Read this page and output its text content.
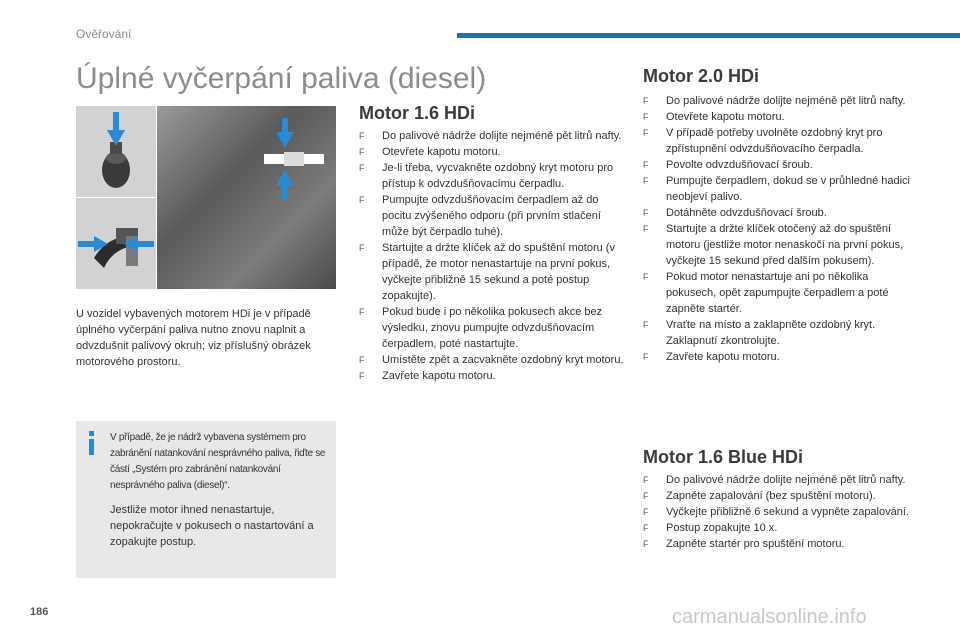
Ověřování
Úplné vyčerpání paliva (diesel)

U vozidel vybavených motorem HDi je v případě úplného vyčerpání paliva nutno znovu naplnit a odvzdušnit palivový okruh; viz příslušný obrázek motorového prostoru.

V případě, že je nádrž vybavena systémem pro zabránění natankování nesprávného paliva, řiďte se částí „Systém pro zabránění natankování nesprávného paliva (diesel)“.

Jestliže motor ihned nenastartuje, nepokračujte v pokusech o nastartování a zopakujte postup.

Motor 1.6 HDi
F	Do palivové nádrže dolijte nejméně pět litrů nafty.
F	Otevřete kapotu motoru.
F	Je-li třeba, vycvakněte ozdobný kryt motoru pro přístup k odvzdušňovacímu čerpadlu.
F	Pumpujte odvzdušňovacím čerpadlem až do pocitu zvýšeného odporu (při prvním stlačení může být čerpadlo tuhé).
F	Startujte a držte klíček až do spuštění motoru (v případě, že motor nenastartuje na první pokus, vyčkejte přibližně 15 sekund a poté postup zopakujte).
F	Pokud bude i po několika pokusech akce bez výsledku, znovu pumpujte odvzdušňovacím čerpadlem, poté nastartujte.
F	Umístěte zpět a zacvakněte ozdobný kryt motoru.
F	Zavřete kapotu motoru.
Motor 2.0 HDi
F	Do palivové nádrže dolijte nejméně pět litrů nafty.
F	Otevřete kapotu motoru.
F	V případě potřeby uvolněte ozdobný kryt pro zpřístupnění odvzdušňovacího čerpadla.
F	Povolte odvzdušňovací šroub.
F	Pumpujte čerpadlem, dokud se v průhledné hadici neobjeví palivo.
F	Dotáhněte odvzdušňovací šroub.
F	Startujte a držte klíček otočený až do spuštění motoru (jestliže motor nenaskočí na první pokus, vyčkejte 15 sekund před dalším pokusem).
F	Pokud motor nenastartuje ani po několika pokusech, opět zapumpujte čerpadlem a poté zapněte startér.
F	Vraťte na místo a zaklapněte ozdobný kryt. Zaklapnutí zkontrolujte.
F	Zavřete kapotu motoru.
Motor 1.6 Blue HDi
F	Do palivové nádrže dolijte nejméně pět litrů nafty.
F	Zapněte zapalování (bez spuštění motoru).
F	Vyčkejte přibližně 6 sekund a vypněte zapalování.
F	Postup zopakujte 10 x.
F	Zapněte startér pro spuštění motoru.
186	carmanualsonline.info
